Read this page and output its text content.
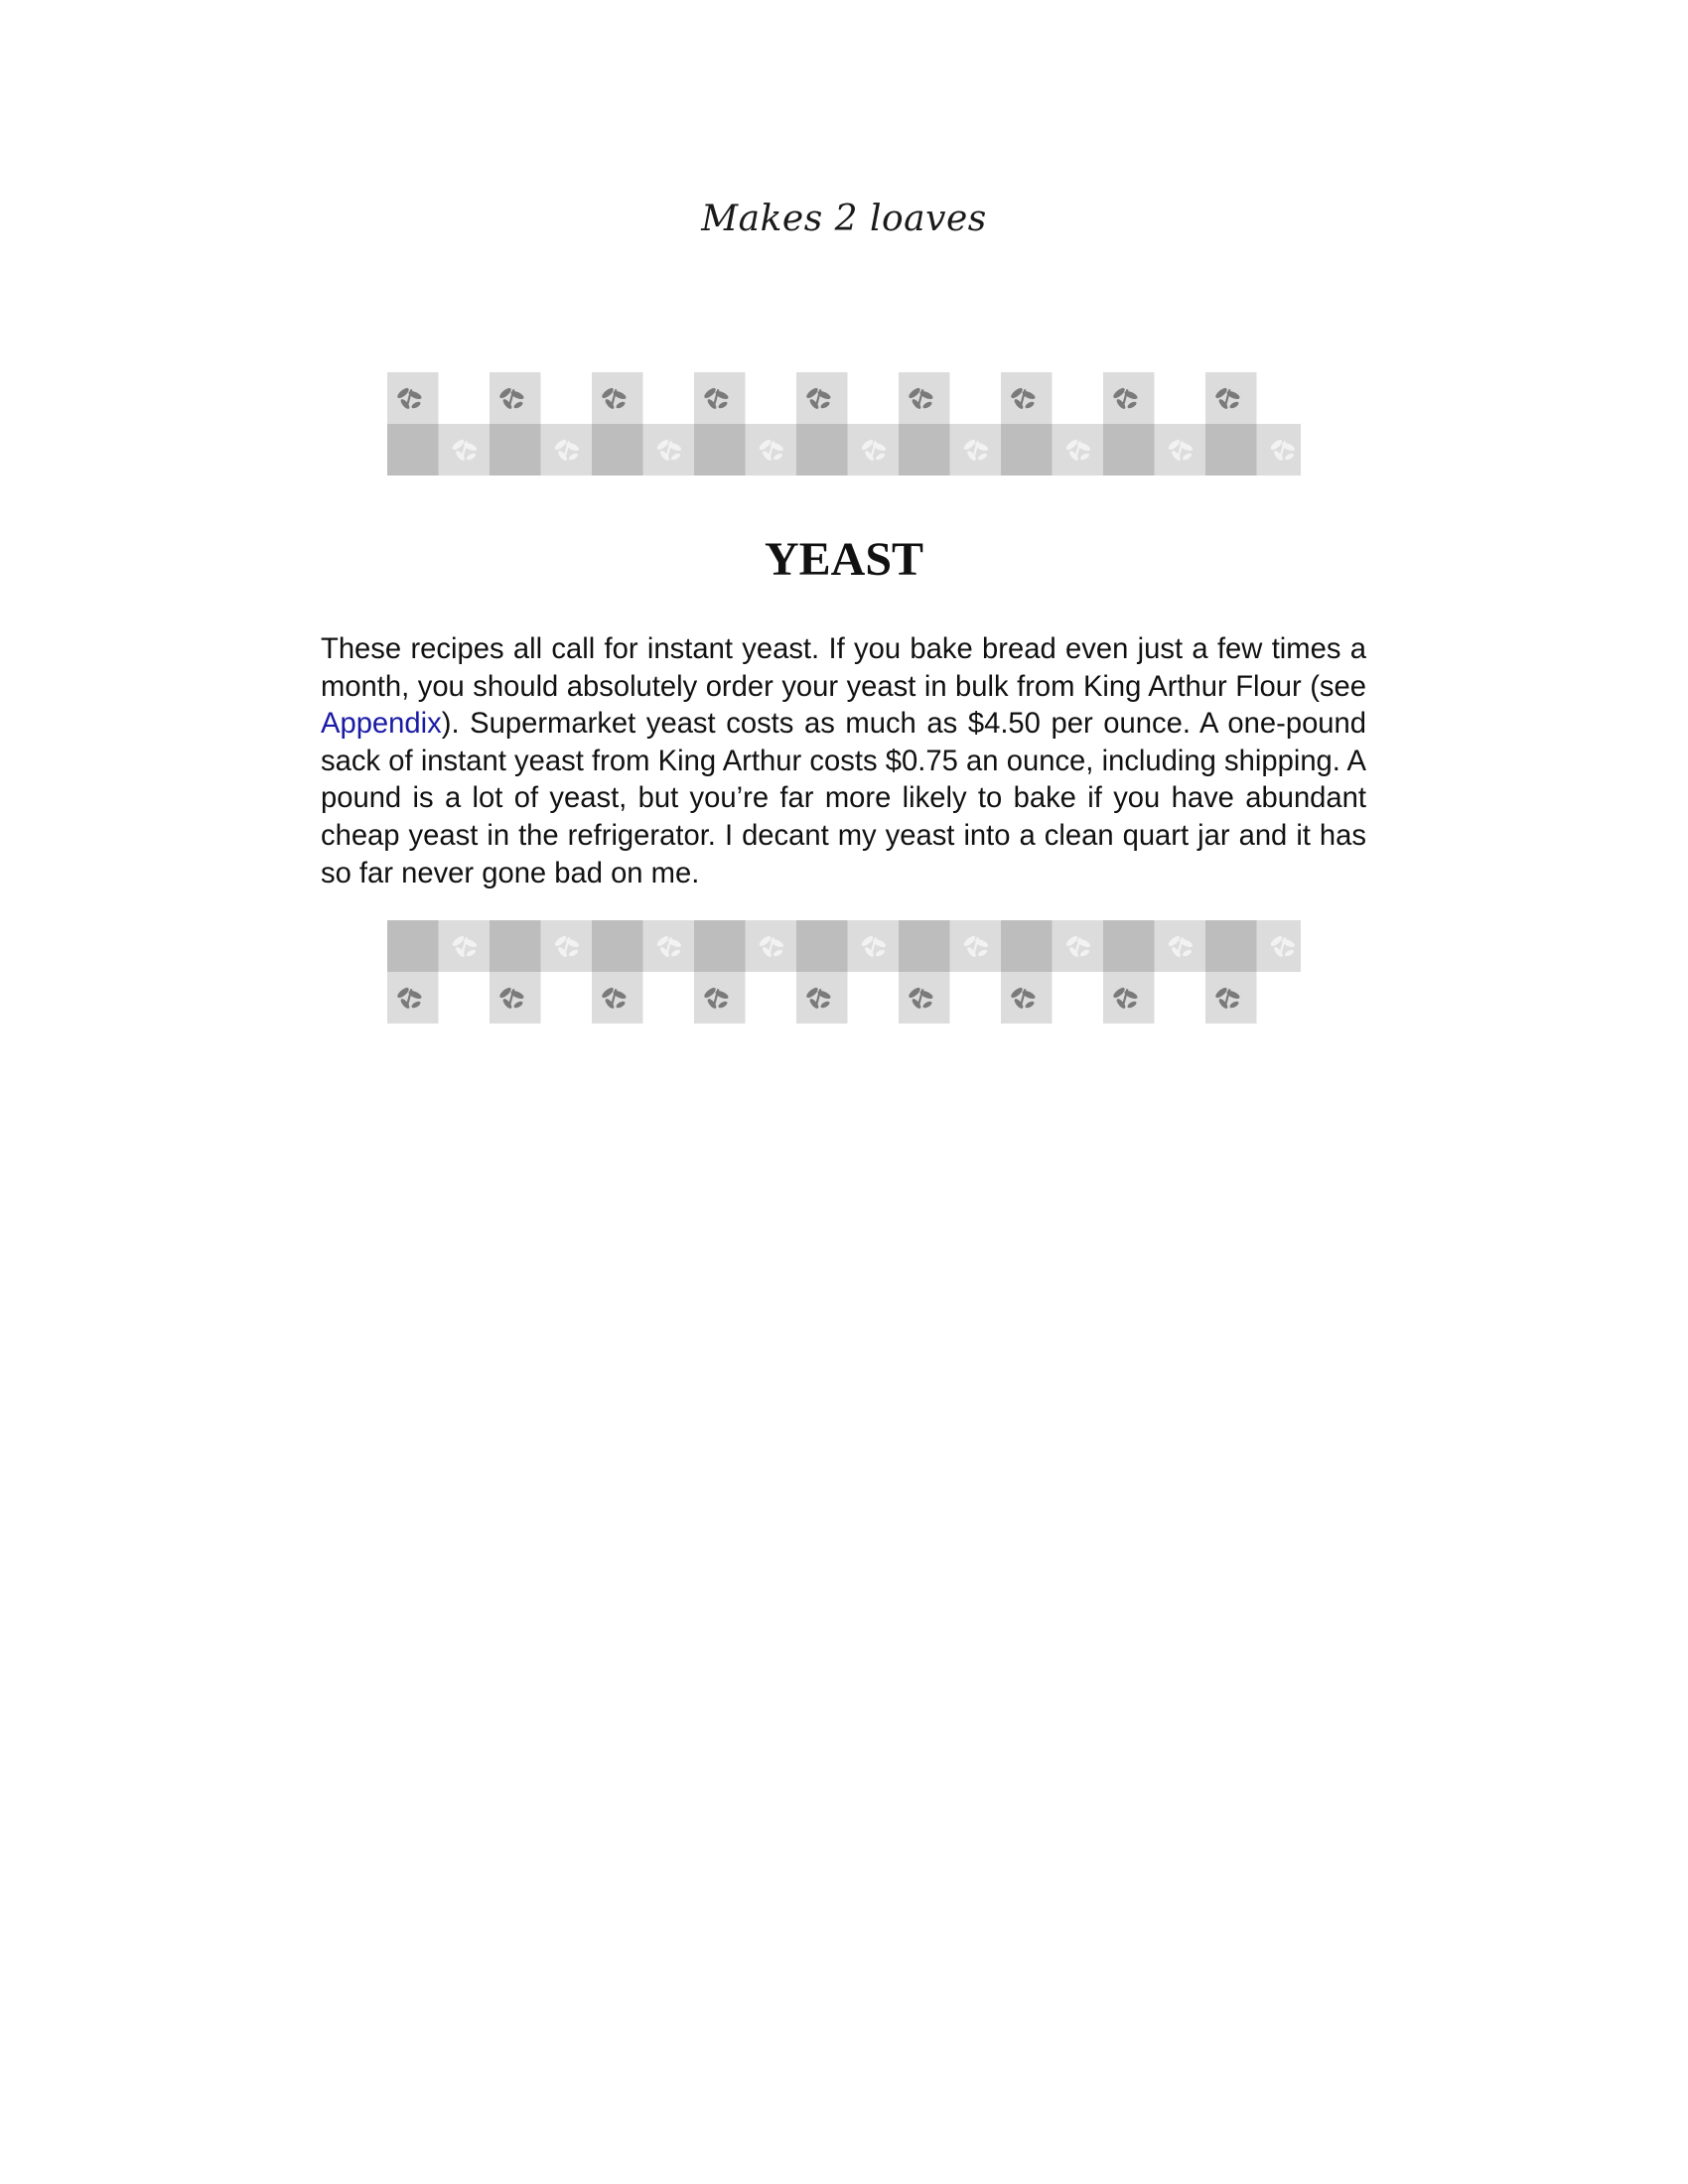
Makes 2 loaves
YEAST

These recipes all call for instant yeast. If you bake bread even just a few times a month, you should absolutely order your yeast in bulk from King Arthur Flour (see Appendix). Supermarket yeast costs as much as $4.50 per ounce. A one-pound sack of instant yeast from King Arthur costs $0.75 an ounce, including shipping. A pound is a lot of yeast, but you’re far more likely to bake if you have abundant cheap yeast in the refrigerator. I decant my yeast into a clean quart jar and it has so far never gone bad on me.
